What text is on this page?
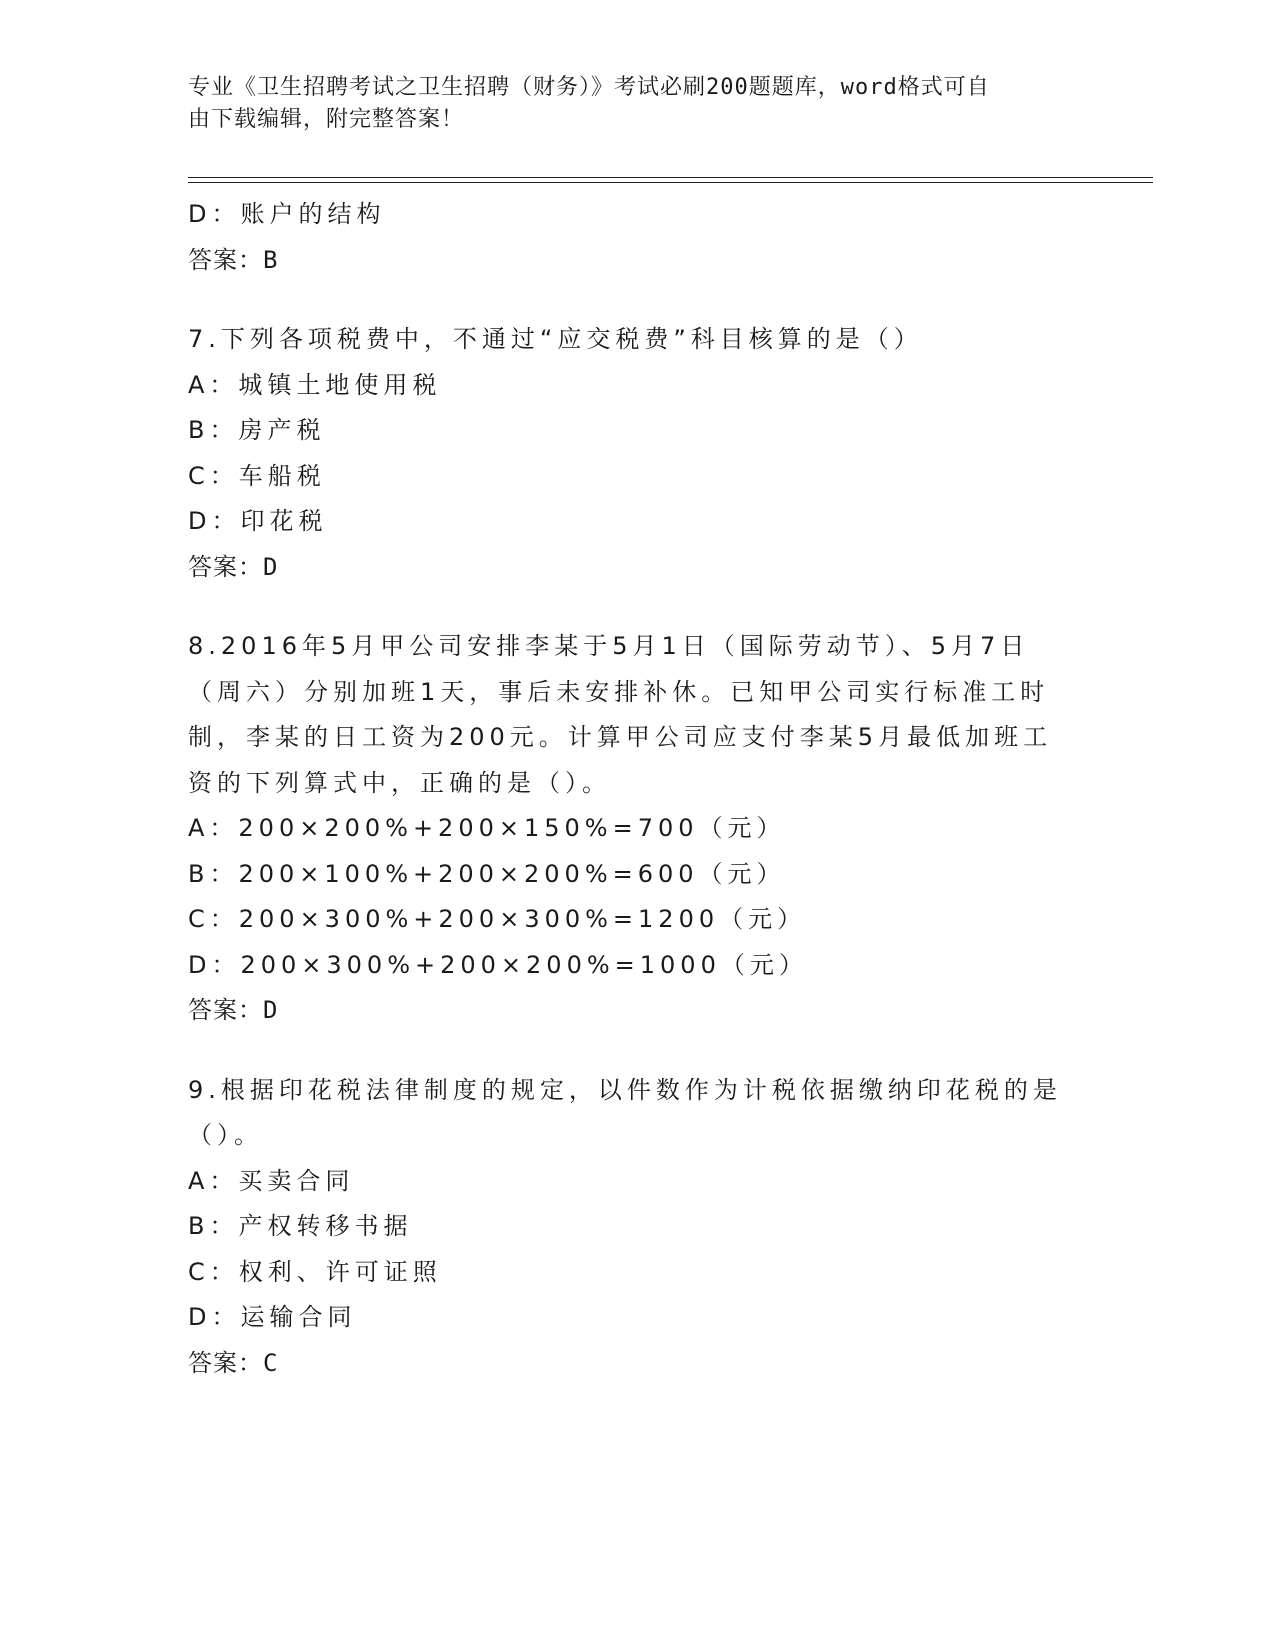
专业《卫生招聘考试之卫生招聘（财务）》考试必刷200题题库，word格式可自
由下载编辑，附完整答案！
D：账户的结构
答案：B
7.下列各项税费中，不通过“应交税费”科目核算的是（）
A：城镇土地使用税
B：房产税
C：车船税
D：印花税
答案：D
8.2016年5月甲公司安排李某于5月1日（国际劳动节）、5月7日
（周六）分别加班1天，事后未安排补休。已知甲公司实行标准工时
制，李某的日工资为200元。计算甲公司应支付李某5月最低加班工
资的下列算式中，正确的是（）。
A：200×200%+200×150%=700（元）
B：200×100%+200×200%=600（元）
C：200×300%+200×300%=1200（元）
D：200×300%+200×200%=1000（元）
答案：D
9.根据印花税法律制度的规定，以件数作为计税依据缴纳印花税的是
（）。
A：买卖合同
B：产权转移书据
C：权利、许可证照
D：运输合同
答案：C
